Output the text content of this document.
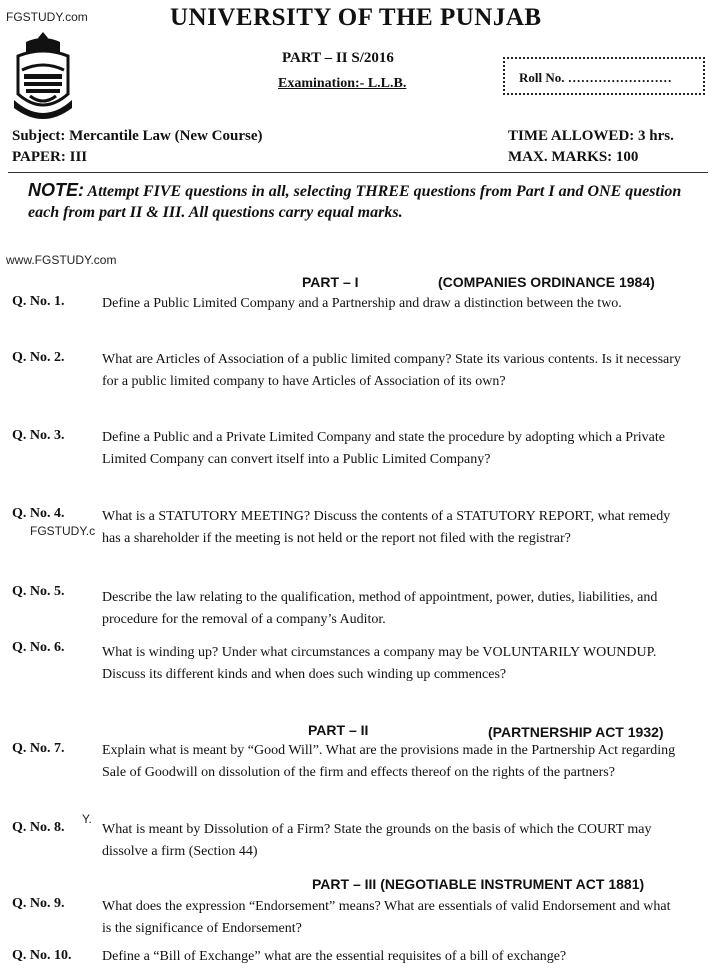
FGSTUDY.com
www.FGSTUDY.com
FGSTUDY.c
Y.
UNIVERSITY OF THE PUNJAB
PART – II S/2016
Examination:- L.L.B.	Roll No. ……………………
Subject: Mercantile Law (New Course)
PAPER: III
TIME ALLOWED: 3 hrs.
MAX. MARKS: 100
NOTE: Attempt FIVE questions in all, selecting THREE questions from Part I and ONE question each from part II & III. All questions carry equal marks.
PART – I	(COMPANIES ORDINANCE 1984)
Q. No. 1.	Define a Public Limited Company and a Partnership and draw a distinction between the two.
Q. No. 2.	What are Articles of Association of a public limited company? State its various contents. Is it necessary for a public limited company to have Articles of Association of its own?
Q. No. 3.	Define a Public and a Private Limited Company and state the procedure by adopting which a Private Limited Company can convert itself into a Public Limited Company?
Q. No. 4.	What is a STATUTORY MEETING? Discuss the contents of a STATUTORY REPORT, what remedy has a shareholder if the meeting is not held or the report not filed with the registrar?
Q. No. 5.	Describe the law relating to the qualification, method of appointment, power, duties, liabilities, and procedure for the removal of a company’s Auditor.
Q. No. 6.	What is winding up? Under what circumstances a company may be VOLUNTARILY WOUNDUP. Discuss its different kinds and when does such winding up commences?
PART – II	(PARTNERSHIP ACT 1932)
Q. No. 7.	Explain what is meant by “Good Will”. What are the provisions made in the Partnership Act regarding Sale of Goodwill on dissolution of the firm and effects thereof on the rights of the partners?
Q. No. 8.	What is meant by Dissolution of a Firm? State the grounds on the basis of which the COURT may dissolve a firm (Section 44)
PART – III (NEGOTIABLE INSTRUMENT ACT 1881)
Q. No. 9.	What does the expression “Endorsement” means? What are essentials of valid Endorsement and what is the significance of Endorsement?
Q. No. 10. Define a “Bill of Exchange” what are the essential requisites of a bill of exchange?
